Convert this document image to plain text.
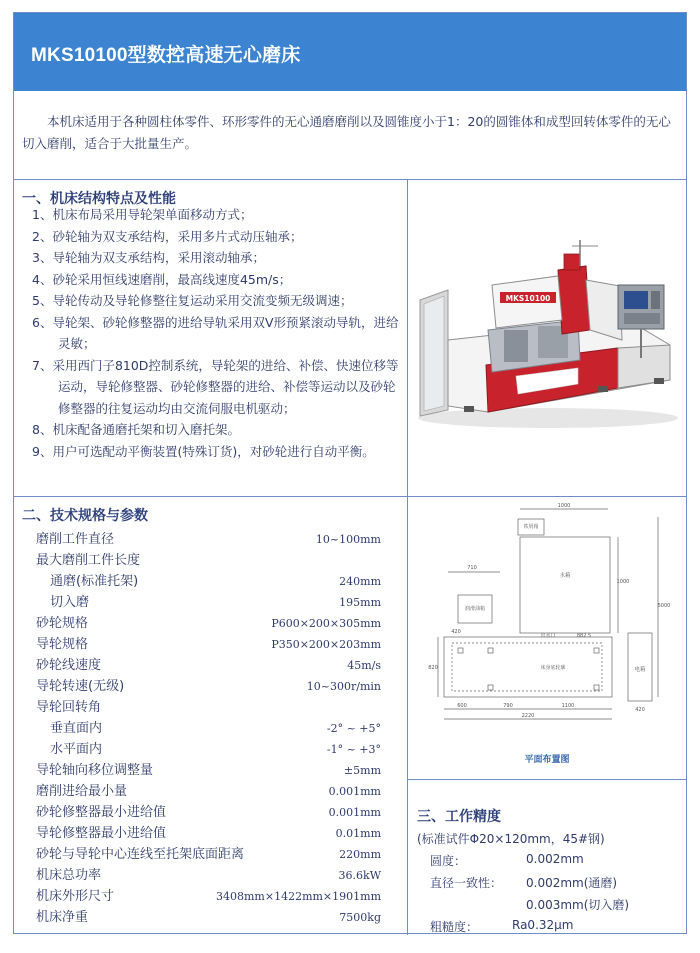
MKS10100型数控高速无心磨床

本机床适用于各种圆柱体零件、环形零件的无心通磨磨削以及圆锥度小于1：20的圆锥体和成型回转体零件的无心切入磨削，适合于大批量生产。

一、机床结构特点及性能
1、机床布局采用导轮架单面移动方式；
2、砂轮轴为双支承结构，采用多片式动压轴承；
3、导轮轴为双支承结构，采用滚动轴承；
4、砂轮采用恒线速磨削，最高线速度45m/s；
5、导轮传动及导轮修整往复运动采用交流变频无级调速；
6、导轮架、砂轮修整器的进给导轨采用双V形预紧滚动导轨，进给灵敏；
7、采用西门子810D控制系统，导轮架的进给、补偿、快速位移等运动，导轮修整器、砂轮修整器的进给、补偿等运动以及砂轮修整器的往复运动均由交流伺服电机驱动；
8、机床配备通磨托架和切入磨托架。
9、用户可选配动平衡装置(特殊订货)，对砂轮进行自动平衡。
MKS10100
二、技术规格与参数
磨削工件直径	10~100mm
最大磨削工件长度
通磨(标准托架)	240mm
切入磨	195mm
砂轮规格	P600×200×305mm
导轮规格	P350×200×203mm
砂轮线速度	45m/s
导轮转速(无级)	10~300r/min
导轮回转角
垂直面内	-2° ~ +5°
水平面内	-1° ~ +3°
导轮轴向移位调整量	±5mm
磨削进给最小量	0.001mm
砂轮修整器最小进给值	0.001mm
导轮修整器最小进给值	0.01mm
砂轮与导轮中心连线至托架底面距离	220mm
机床总功率	36.6kW
机床外形尺寸	3408mm×1422mm×1901mm
机床净重	7500kg
1000
铁屑箱
水箱
润滑油箱
710
出水口	882.5
床身底轮廓
2220
600	790	1100
420
电箱
420
5000
1000
820
平面布置图
三、工作精度
(标准试件Φ20×120mm，45#钢)
圆度：	0.002mm
直径一致性： 0.002mm(通磨)
0.003mm(切入磨)
粗糙度：	Ra0.32μm
